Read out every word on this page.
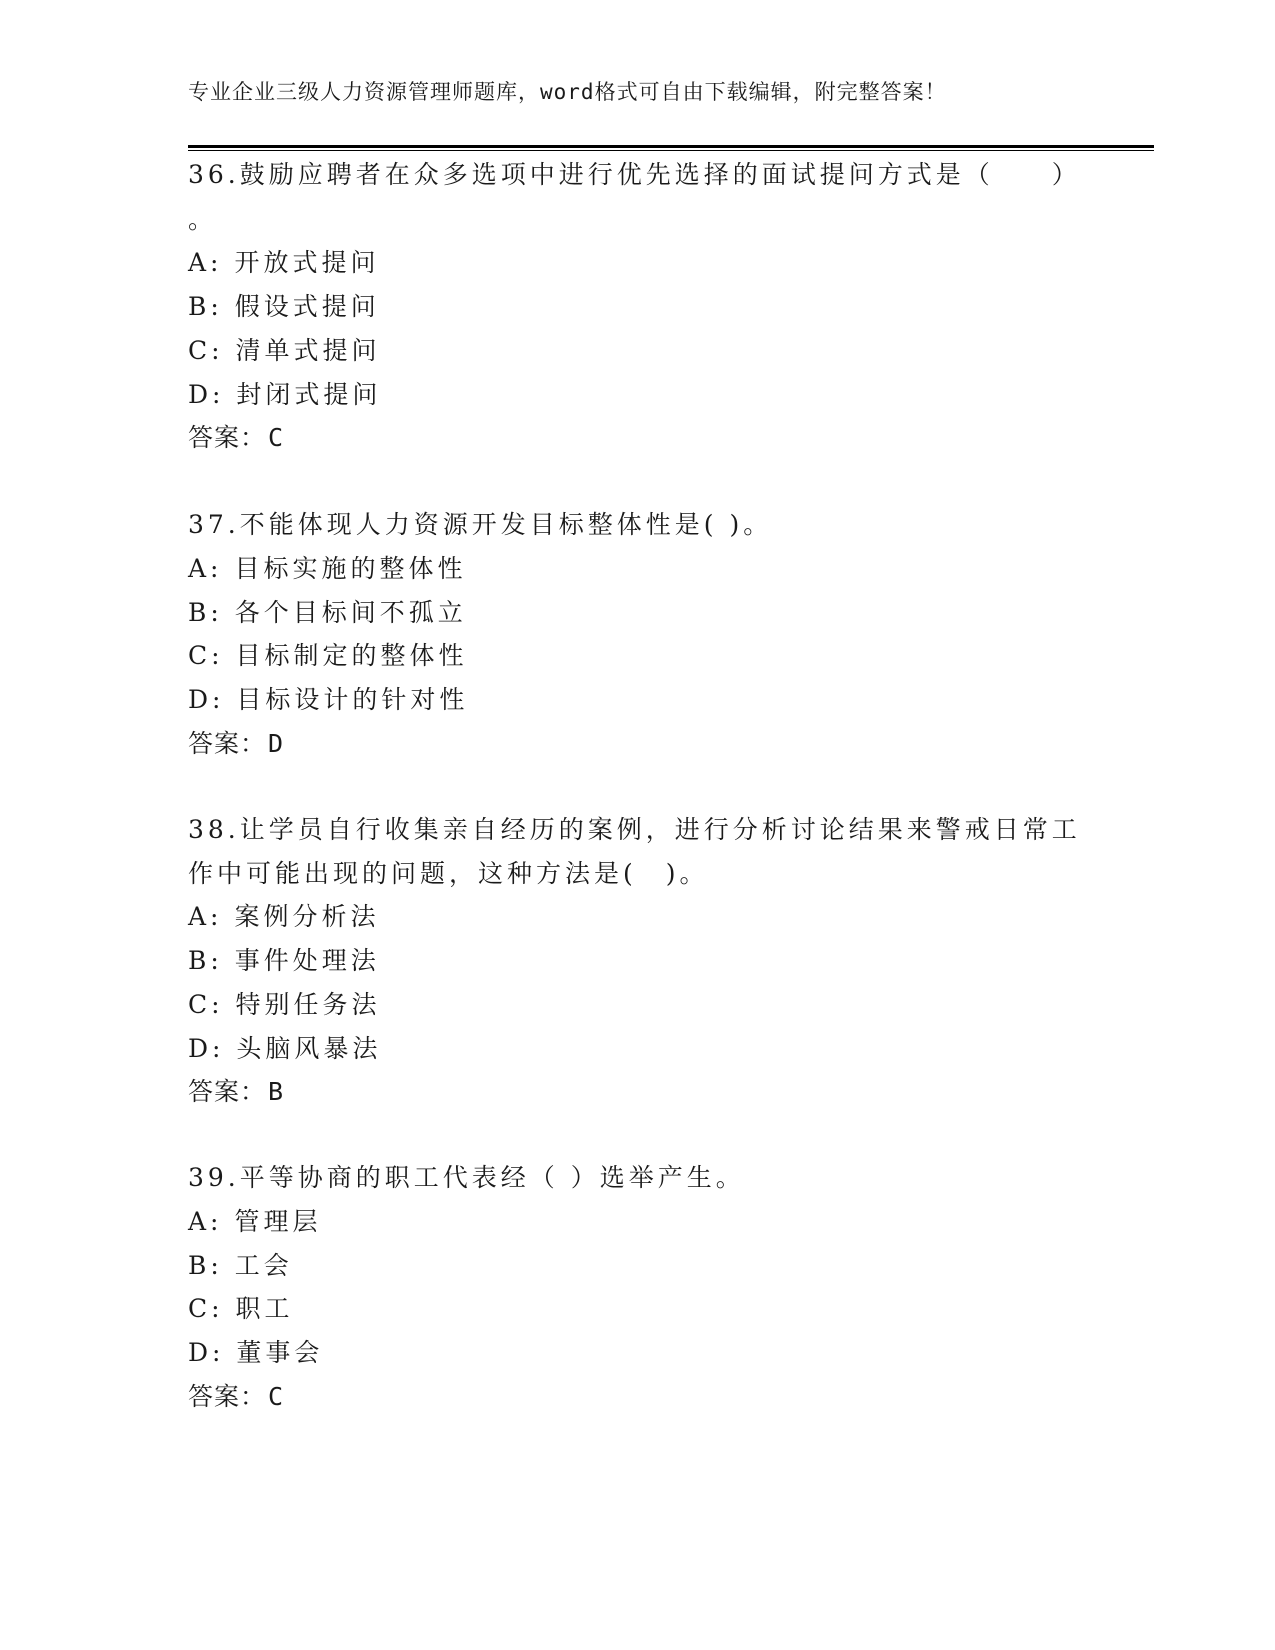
专业企业三级人力资源管理师题库，word格式可自由下载编辑，附完整答案！
36.鼓励应聘者在众多选项中进行优先选择的面试提问方式是（　　）
。
A: 开放式提问
B: 假设式提问
C: 清单式提问
D: 封闭式提问
答案：C
37.不能体现人力资源开发目标整体性是( )。
A: 目标实施的整体性
B: 各个目标间不孤立
C: 目标制定的整体性
D: 目标设计的针对性
答案：D
38.让学员自行收集亲自经历的案例，进行分析讨论结果来警戒日常工
作中可能出现的问题，这种方法是(　)。
A: 案例分析法
B: 事件处理法
C: 特别任务法
D: 头脑风暴法
答案：B
39.平等协商的职工代表经（ ）选举产生。
A: 管理层
B: 工会
C: 职工
D: 董事会
答案：C
